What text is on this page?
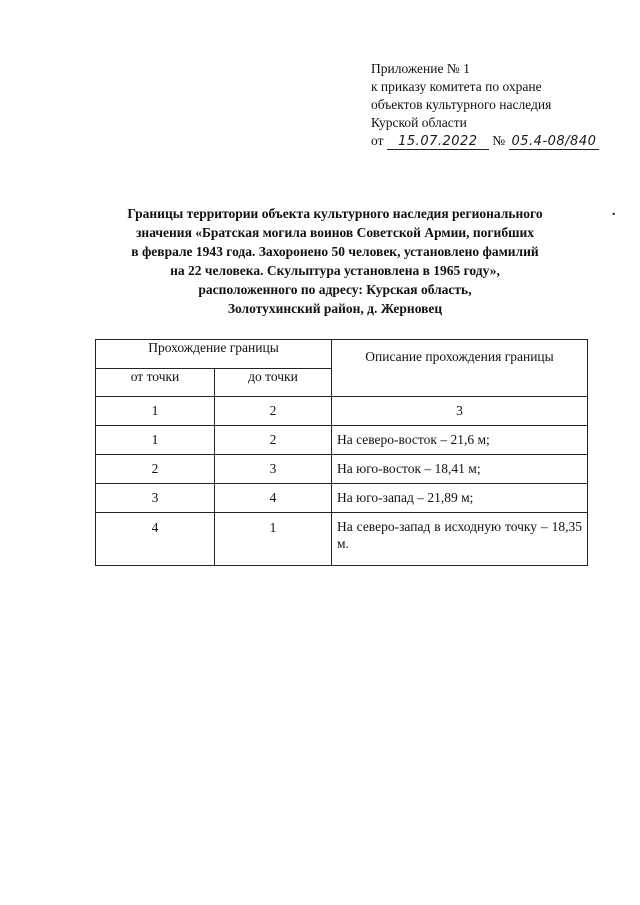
Приложение № 1
к приказу комитета по охране
объектов культурного наследия
Курской области
от 15.07.2022 № 05.4-08/840
Границы территории объекта культурного наследия регионального
значения «Братская могила воинов Советской Армии, погибших
в феврале 1943 года. Захоронено 50 человек, установлено фамилий
на 22 человека. Скульптура установлена в 1965 году»,
расположенного по адресу: Курская область,
Золотухинский район, д. Жерновец
.
Прохождение границы		Описание прохождения границы
от точки	до точки	
1	2	3
1	2	На северо-восток – 21,6 м;
2	3	На юго-восток – 18,41 м;
3	4	На юго-запад – 21,89 м;
4	1	На северо-запад в исходную точку – 18,35 м.
